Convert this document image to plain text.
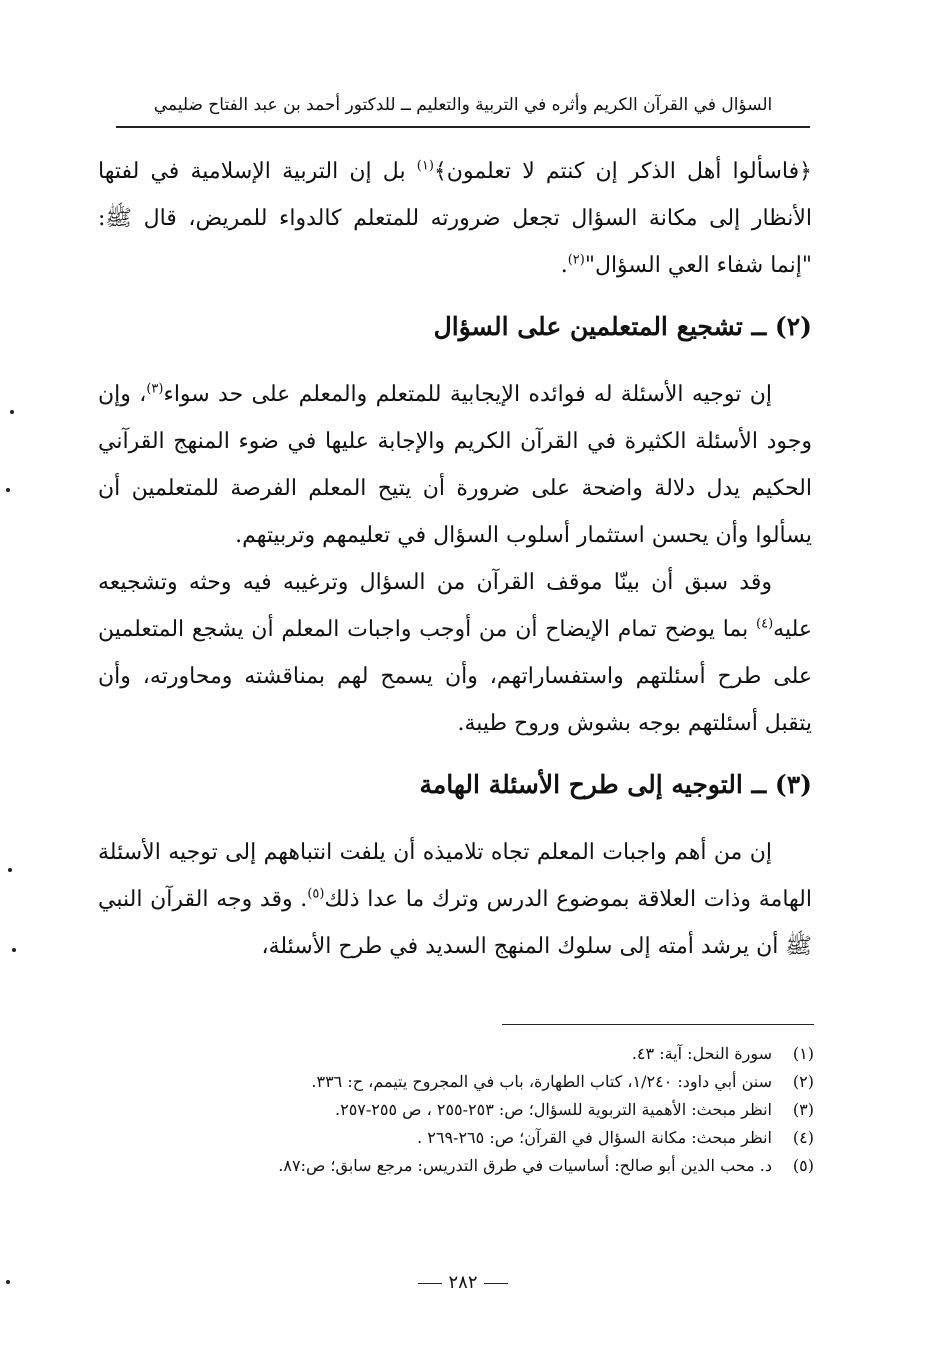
السؤال في القرآن الكريم وأثره في التربية والتعليم ــ للدكتور أحمد بن عبد الفتاح ضليمي

﴿فاسألوا أهل الذكر إن كنتم لا تعلمون﴾$^{(١)}$ بل إن التربية الإسلامية في لفتها الأنظار إلى مكانة السؤال تجعل ضرورته للمتعلم كالدواء للمريض، قال ﷺ: "إنما شفاء العي السؤال"$^{(٢)}$.

(٢) ــ تشجيع المتعلمين على السؤال

إن توجيه الأسئلة له فوائده الإيجابية للمتعلم والمعلم على حد سواء$^{(٣)}$، وإن وجود الأسئلة الكثيرة في القرآن الكريم والإجابة عليها في ضوء المنهج القرآني الحكيم يدل دلالة واضحة على ضرورة أن يتيح المعلم الفرصة للمتعلمين أن يسألوا وأن يحسن استثمار أسلوب السؤال في تعليمهم وتربيتهم.

وقد سبق أن بينّا موقف القرآن من السؤال وترغيبه فيه وحثه وتشجيعه عليه$^{(٤)}$ بما يوضح تمام الإيضاح أن من أوجب واجبات المعلم أن يشجع المتعلمين على طرح أسئلتهم واستفساراتهم، وأن يسمح لهم بمناقشته ومحاورته، وأن يتقبل أسئلتهم بوجه بشوش وروح طيبة.

(٣) ــ التوجيه إلى طرح الأسئلة الهامة

إن من أهم واجبات المعلم تجاه تلاميذه أن يلفت انتباههم إلى توجيه الأسئلة الهامة وذات العلاقة بموضوع الدرس وترك ما عدا ذلك$^{(٥)}$. وقد وجه القرآن النبي ﷺ أن يرشد أمته إلى سلوك المنهج السديد في طرح الأسئلة،

(١)
سورة النحل: آية: ٤٣.
(٢)
سنن أبي داود: ١/٢٤٠، كتاب الطهارة، باب في المجروح يتيمم، ح: ٣٣٦.
(٣)
انظر مبحث: الأهمية التربوية للسؤال؛ ص: ٢٥٣-٢٥٥ ، ص ٢٥٥-٢٥٧.
(٤)
انظر مبحث: مكانة السؤال في القرآن؛ ص: ٢٦٥-٢٦٩ .
(٥)
د. محب الدين أبو صالح: أساسيات في طرق التدريس: مرجع سابق؛ ص:٨٧.
٢٨٢
